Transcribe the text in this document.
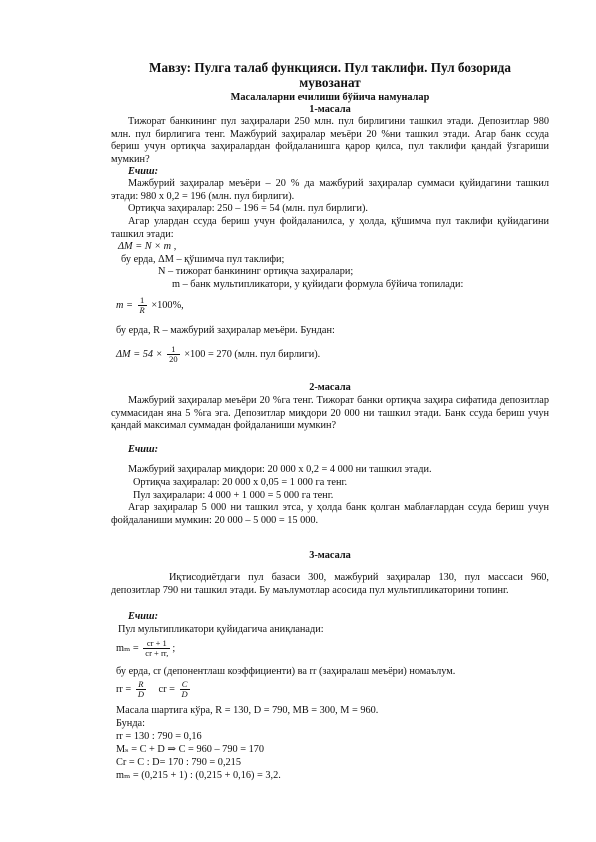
Мавзу: Пулга талаб функцияси. Пул таклифи. Пул бозорида
мувозанат
Масалаларни ечилиши бўйича намуналар
1-масала
Тижорат банкининг пул заҳиралари 250 млн. пул бирлигини ташкил этади. Депозитлар 980 млн. пул бирлигига тенг. Мажбурий заҳиралар меъёри 20 %ни ташкил этади. Агар банк ссуда бериш учун ортиқча заҳиралардан фойдаланишга қарор қилса, пул таклифи қандай ўзгариши мумкин?
Ечиш:
Мажбурий заҳиралар меъёри – 20 % да мажбурий заҳиралар суммаси қуйидагини ташкил этади: 980 х 0,2 = 196 (млн. пул бирлиги).
Ортиқча заҳиралар: 250 – 196 = 54 (млн. пул бирлиги).
Агар улардан ссуда бериш учун фойдаланилса, у ҳолда, қўшимча пул таклифи қуйидагини ташкил этади:
ΔM = N × m ,
бу ерда, ΔM – қўшимча пул таклифи;
N – тижорат банкининг ортиқча заҳиралари;
m – банк мультипликатори, у қуйидаги формула бўйича топилади:
$m = \frac{1}{R} \times 100\%$,
бу ерда, R – мажбурий заҳиралар меъёри. Бундан:
$\Delta M = 54 \times \frac{1}{20} \times 100 = 270$ (млн. пул бирлиги).
2-масала
Мажбурий заҳиралар меъёри 20 %га тенг. Тижорат банки ортиқча заҳира сифатида депозитлар суммасидан яна 5 %га эга. Депозитлар миқдори 20 000 ни ташкил этади. Банк ссуда бериш учун қандай максимал суммадан фойдаланиши мумкин?
Ечиш:
Мажбурий заҳиралар миқдори: 20 000 х 0,2 = 4 000 ни ташкил этади.
Ортиқча заҳиралар: 20 000 х 0,05 = 1 000 га тенг.
Пул заҳиралари: 4 000 + 1 000 = 5 000 га тенг.
Агар заҳиралар 5 000 ни ташкил этса, у ҳолда банк қолган маблағлардан ссуда бериш учун фойдаланиши мумкин: 20 000 – 5 000 = 15 000.
3-масала
Иқтисодиётдаги пул базаси 300, мажбурий заҳиралар 130, пул массаси 960, депозитлар 790 ни ташкил этади. Бу маълумотлар асосида пул мультипликаторини топинг.
Ечиш:
Пул мультипликатори қуйидагича аниқланади:
$m_m = \frac{cr + 1}{cr + rr,}$ ;
бу ерда, cr (депонентлаш коэффициенти) ва rr (заҳиралаш меъёри) номаълум.
rr = $\frac{R}{D}$ cr = $\frac{C}{D}$
Масала шартига кўра, R = 130, D = 790, MB = 300, M = 960.
Бунда:
rr = 130 : 790 = 0,16
Mₛ = C + D ⇒ C = 960 – 790 = 170
Cr = C : D= 170 : 790 = 0,215
mₘ = (0,215 + 1) : (0,215 + 0,16) = 3,2.
